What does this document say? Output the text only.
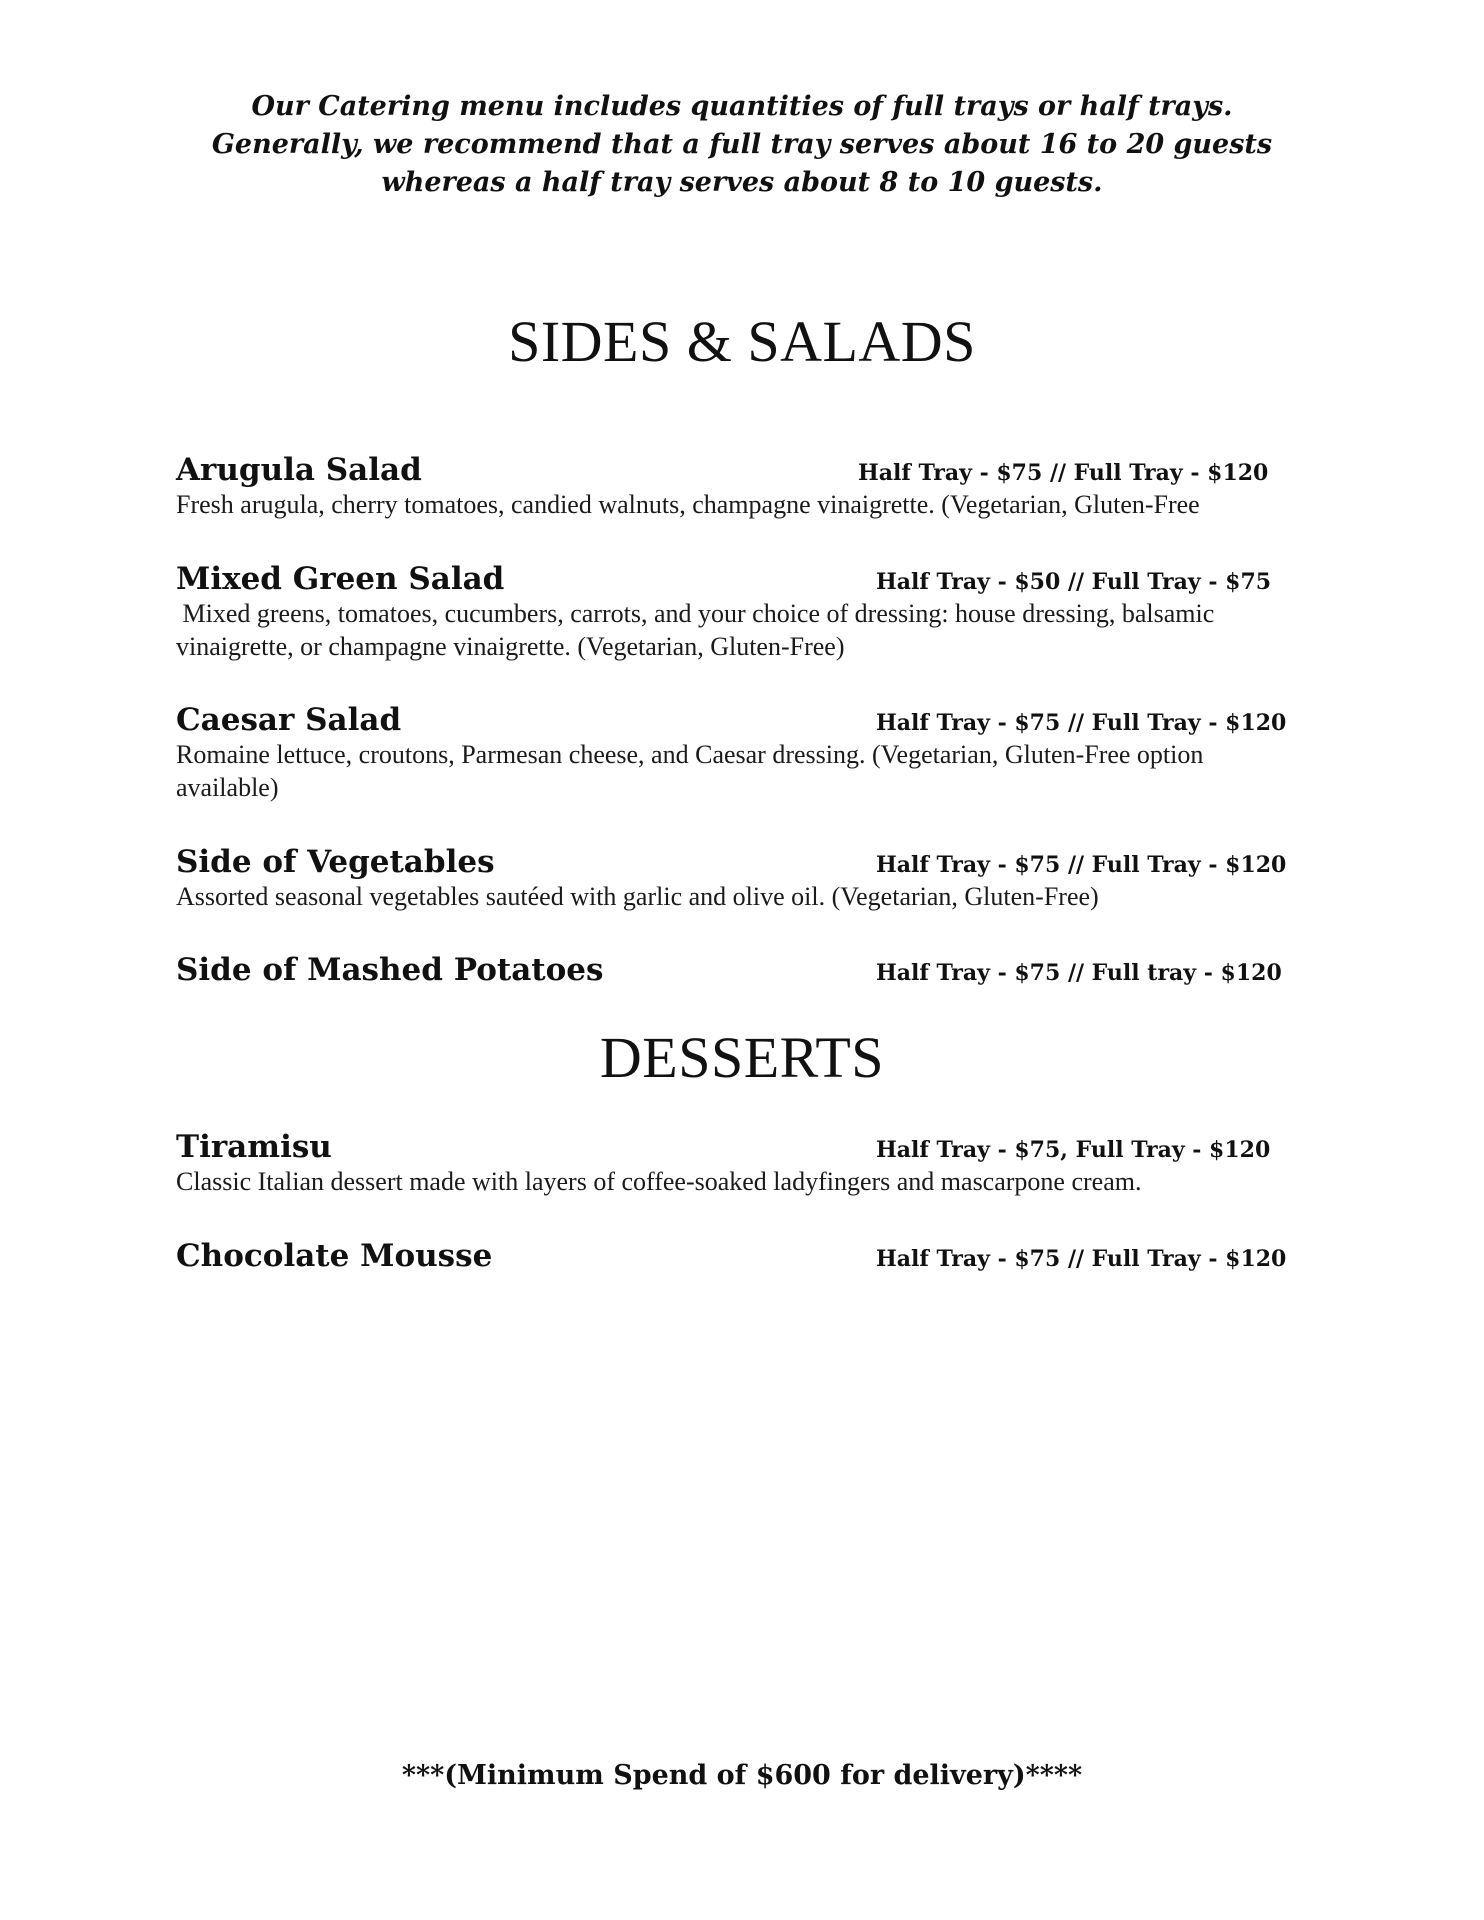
Our Catering menu includes quantities of full trays or half trays. Generally, we recommend that a full tray serves about 16 to 20 guests whereas a half tray serves about 8 to 10 guests.
SIDES & SALADS
Arugula Salad	Half Tray - $75 // Full Tray - $120
Fresh arugula, cherry tomatoes, candied walnuts, champagne vinaigrette. (Vegetarian, Gluten-Free
Mixed Green Salad	Half Tray - $50 // Full Tray - $75
Mixed greens, tomatoes, cucumbers, carrots, and your choice of dressing: house dressing, balsamic vinaigrette, or champagne vinaigrette. (Vegetarian, Gluten-Free)
Caesar Salad	Half Tray - $75 // Full Tray - $120
Romaine lettuce, croutons, Parmesan cheese, and Caesar dressing. (Vegetarian, Gluten-Free option available)
Side of Vegetables	Half Tray - $75 // Full Tray - $120
Assorted seasonal vegetables sautéed with garlic and olive oil. (Vegetarian, Gluten-Free)
Side of Mashed Potatoes	Half Tray - $75 // Full tray - $120
DESSERTS
Tiramisu	Half Tray - $75, Full Tray - $120
Classic Italian dessert made with layers of coffee-soaked ladyfingers and mascarpone cream.
Chocolate Mousse	Half Tray - $75 // Full Tray - $120
***(Minimum Spend of $600 for delivery)****
